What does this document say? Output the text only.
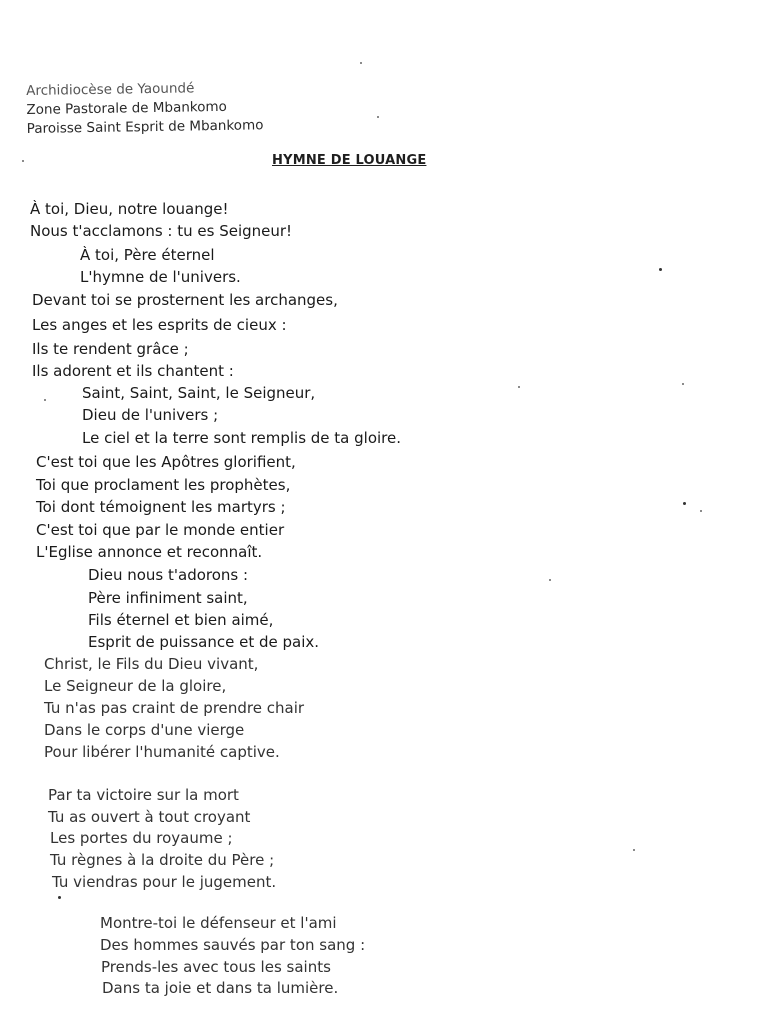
Archidiocèse de Yaoundé
Zone Pastorale de Mbankomo
Paroisse Saint Esprit de Mbankomo
HYMNE DE LOUANGE
À toi, Dieu, notre louange!
Nous t'acclamons : tu es Seigneur!
À toi, Père éternel
L'hymne de l'univers.
Devant toi se prosternent les archanges,
Les anges et les esprits de cieux :
Ils te rendent grâce ;
Ils adorent et ils chantent :
Saint, Saint, Saint, le Seigneur,
Dieu de l'univers ;
Le ciel et la terre sont remplis de ta gloire.
C'est toi que les Apôtres glorifient,
Toi que proclament les prophètes,
Toi dont témoignent les martyrs ;
C'est toi que par le monde entier
L'Eglise annonce et reconnaît.
Dieu nous t'adorons :
Père infiniment saint,
Fils éternel et bien aimé,
Esprit de puissance et de paix.
Christ, le Fils du Dieu vivant,
Le Seigneur de la gloire,
Tu n'as pas craint de prendre chair
Dans le corps d'une vierge
Pour libérer l'humanité captive.
Par ta victoire sur la mort
Tu as ouvert à tout croyant
Les portes du royaume ;
Tu règnes à la droite du Père ;
Tu viendras pour le jugement.
Montre-toi le défenseur et l'ami
Des hommes sauvés par ton sang :
Prends-les avec tous les saints
Dans ta joie et dans ta lumière.
